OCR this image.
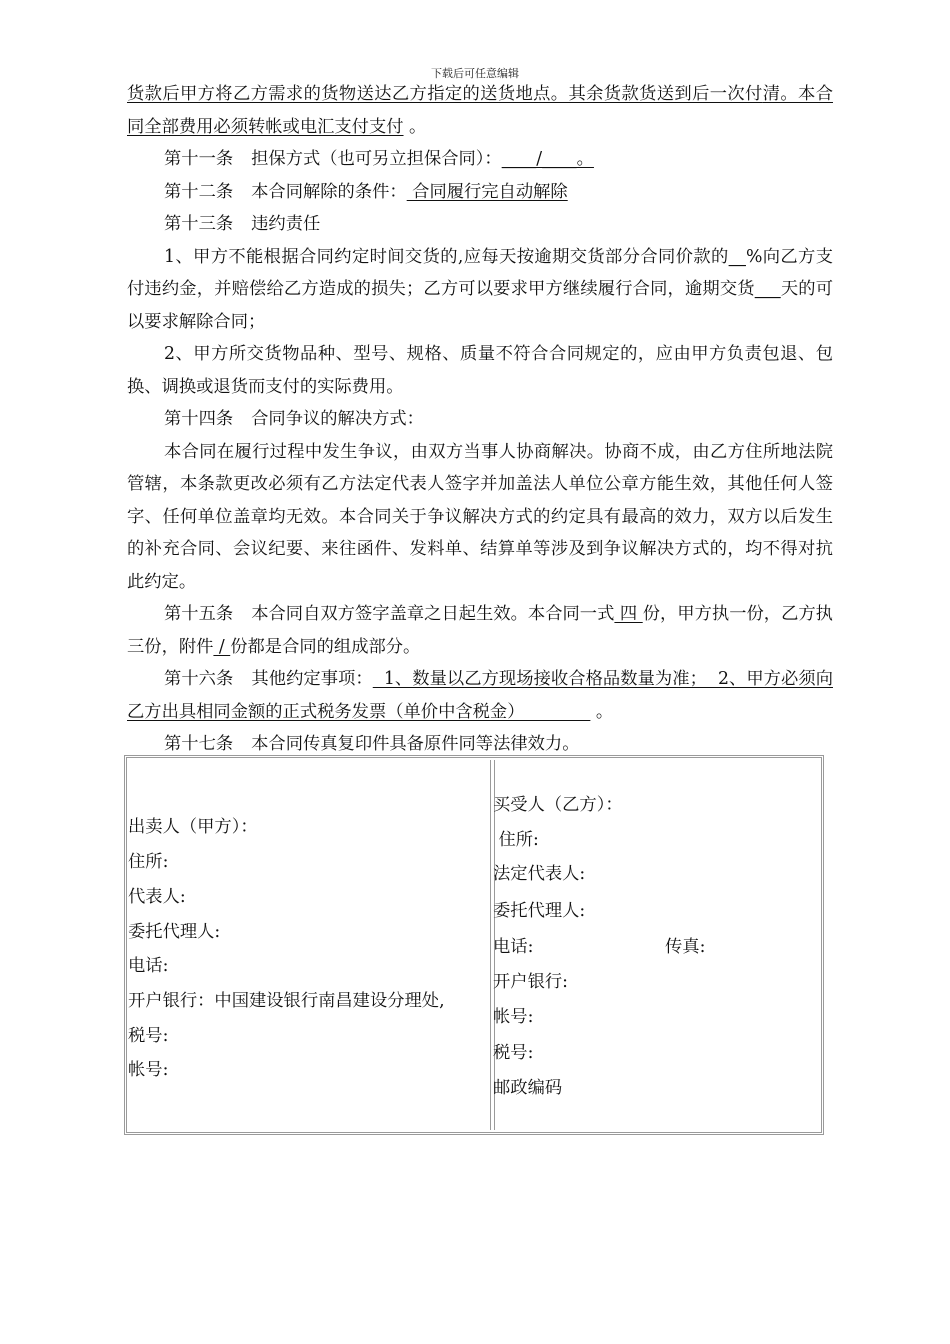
下载后可任意编辑

货款后甲方将乙方需求的货物送达乙方指定的送货地点。其余货款货送到后一次付清。本合同全部费用必须转帐或电汇支付支付 。

第十一条 担保方式（也可另立担保合同）：____/____。

第十二条 本合同解除的条件： 合同履行完自动解除

第十三条 违约责任

1、甲方不能根据合同约定时间交货的,应每天按逾期交货部分合同价款的__%向乙方支付违约金，并赔偿给乙方造成的损失；乙方可以要求甲方继续履行合同，逾期交货___天的可以要求解除合同；

2、甲方所交货物品种、型号、规格、质量不符合合同规定的，应由甲方负责包退、包换、调换或退货而支付的实际费用。

第十四条 合同争议的解决方式：

本合同在履行过程中发生争议，由双方当事人协商解决。协商不成，由乙方住所地法院管辖，本条款更改必须有乙方法定代表人签字并加盖法人单位公章方能生效，其他任何人签字、任何单位盖章均无效。本合同关于争议解决方式的约定具有最高的效力，双方以后发生的补充合同、会议纪要、来往函件、发料单、结算单等涉及到争议解决方式的，均不得对抗此约定。

第十五条 本合同自双方签字盖章之日起生效。本合同一式 四 份，甲方执一份，乙方执三份，附件 / 份都是合同的组成部分。

第十六条 其他约定事项：  1、数量以乙方现场接收合格品数量为准；  2、甲方必须向乙方出具相同金额的正式税务发票（单价中含税金）             。

第十七条 本合同传真复印件具备原件同等法律效力。

出卖人（甲方）：
住所:
代表人:
委托代理人:
电话:
开户银行：中国建设银行南昌建设分理处,
税号:
帐号:
买受人（乙方）：
住所:
法定代表人:
委托代理人:
电话:	传真:
开户银行:
帐号:
税号:
邮政编码
